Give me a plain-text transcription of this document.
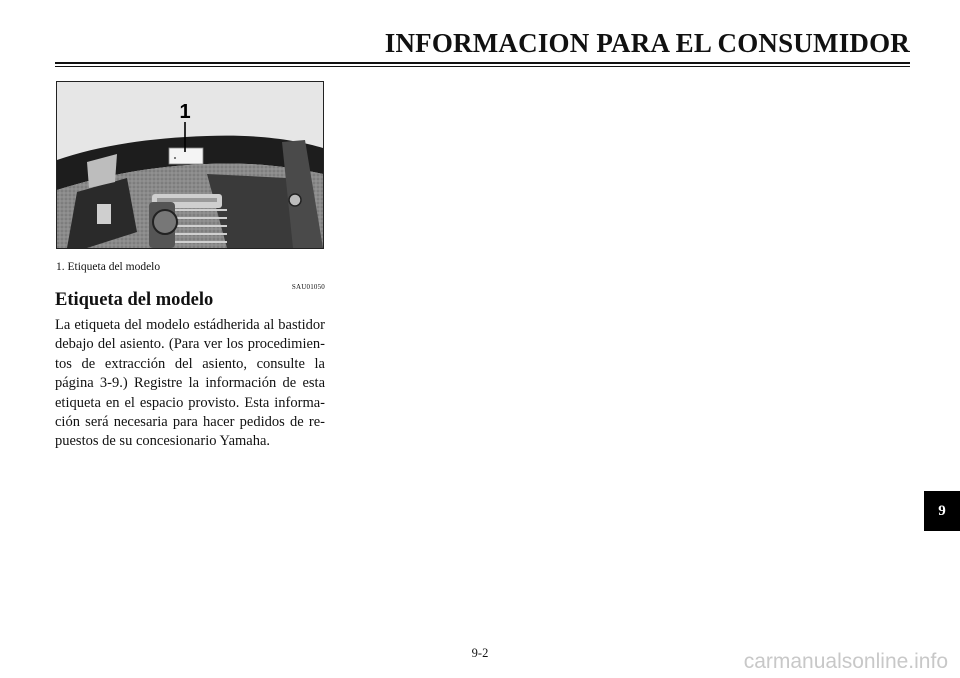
INFORMACION PARA EL CONSUMIDOR
1
1. Etiqueta del modelo
SAU01050
Etiqueta del modelo

La etiqueta del modelo estádherida al bastidor debajo del asiento. (Para ver los procedimien- tos de extracción del asiento, consulte la página 3-9.) Registre la información de esta etiqueta en el espacio provisto. Esta informa- ción será necesaria para hacer pedidos de re- puestos de su concesionario Yamaha.

9
9-2	carmanualsonline.info
